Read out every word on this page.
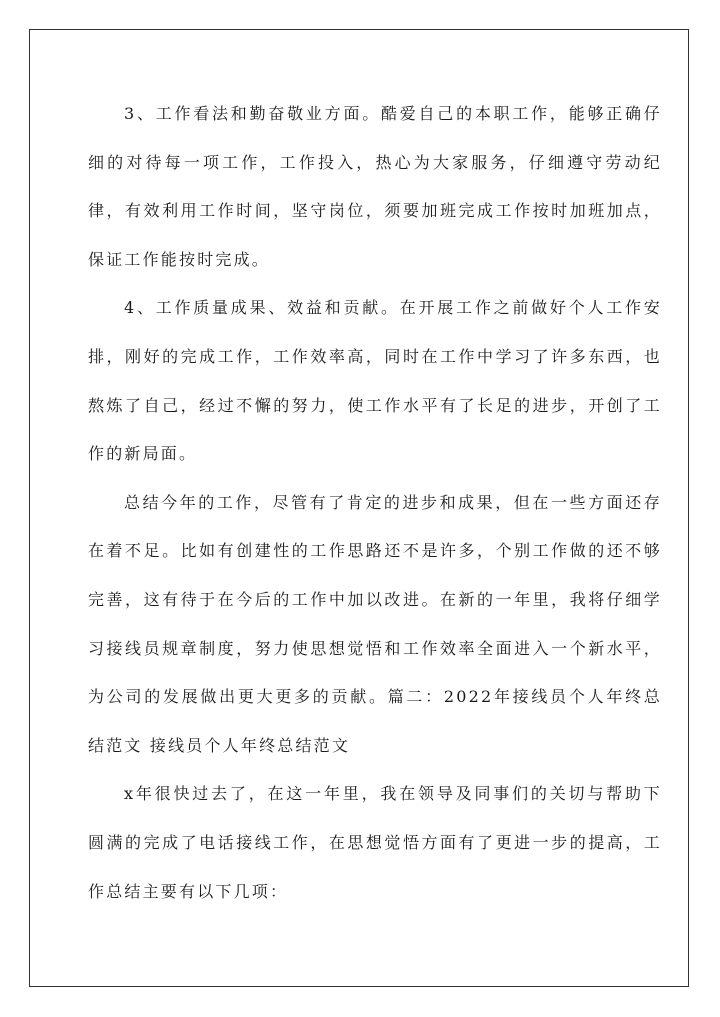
3、工作看法和勤奋敬业方面。酷爱自己的本职工作，能够正确仔细的对待每一项工作，工作投入，热心为大家服务，仔细遵守劳动纪律，有效利用工作时间，坚守岗位，须要加班完成工作按时加班加点，保证工作能按时完成。

4、工作质量成果、效益和贡献。在开展工作之前做好个人工作安排，刚好的完成工作，工作效率高，同时在工作中学习了许多东西，也熬炼了自己，经过不懈的努力，使工作水平有了长足的进步，开创了工作的新局面。

总结今年的工作，尽管有了肯定的进步和成果，但在一些方面还存在着不足。比如有创建性的工作思路还不是许多，个别工作做的还不够完善，这有待于在今后的工作中加以改进。在新的一年里，我将仔细学习接线员规章制度，努力使思想觉悟和工作效率全面进入一个新水平，为公司的发展做出更大更多的贡献。篇二：2022年接线员个人年终总结范文 接线员个人年终总结范文

x年很快过去了，在这一年里，我在领导及同事们的关切与帮助下圆满的完成了电话接线工作，在思想觉悟方面有了更进一步的提高，工作总结主要有以下几项：
